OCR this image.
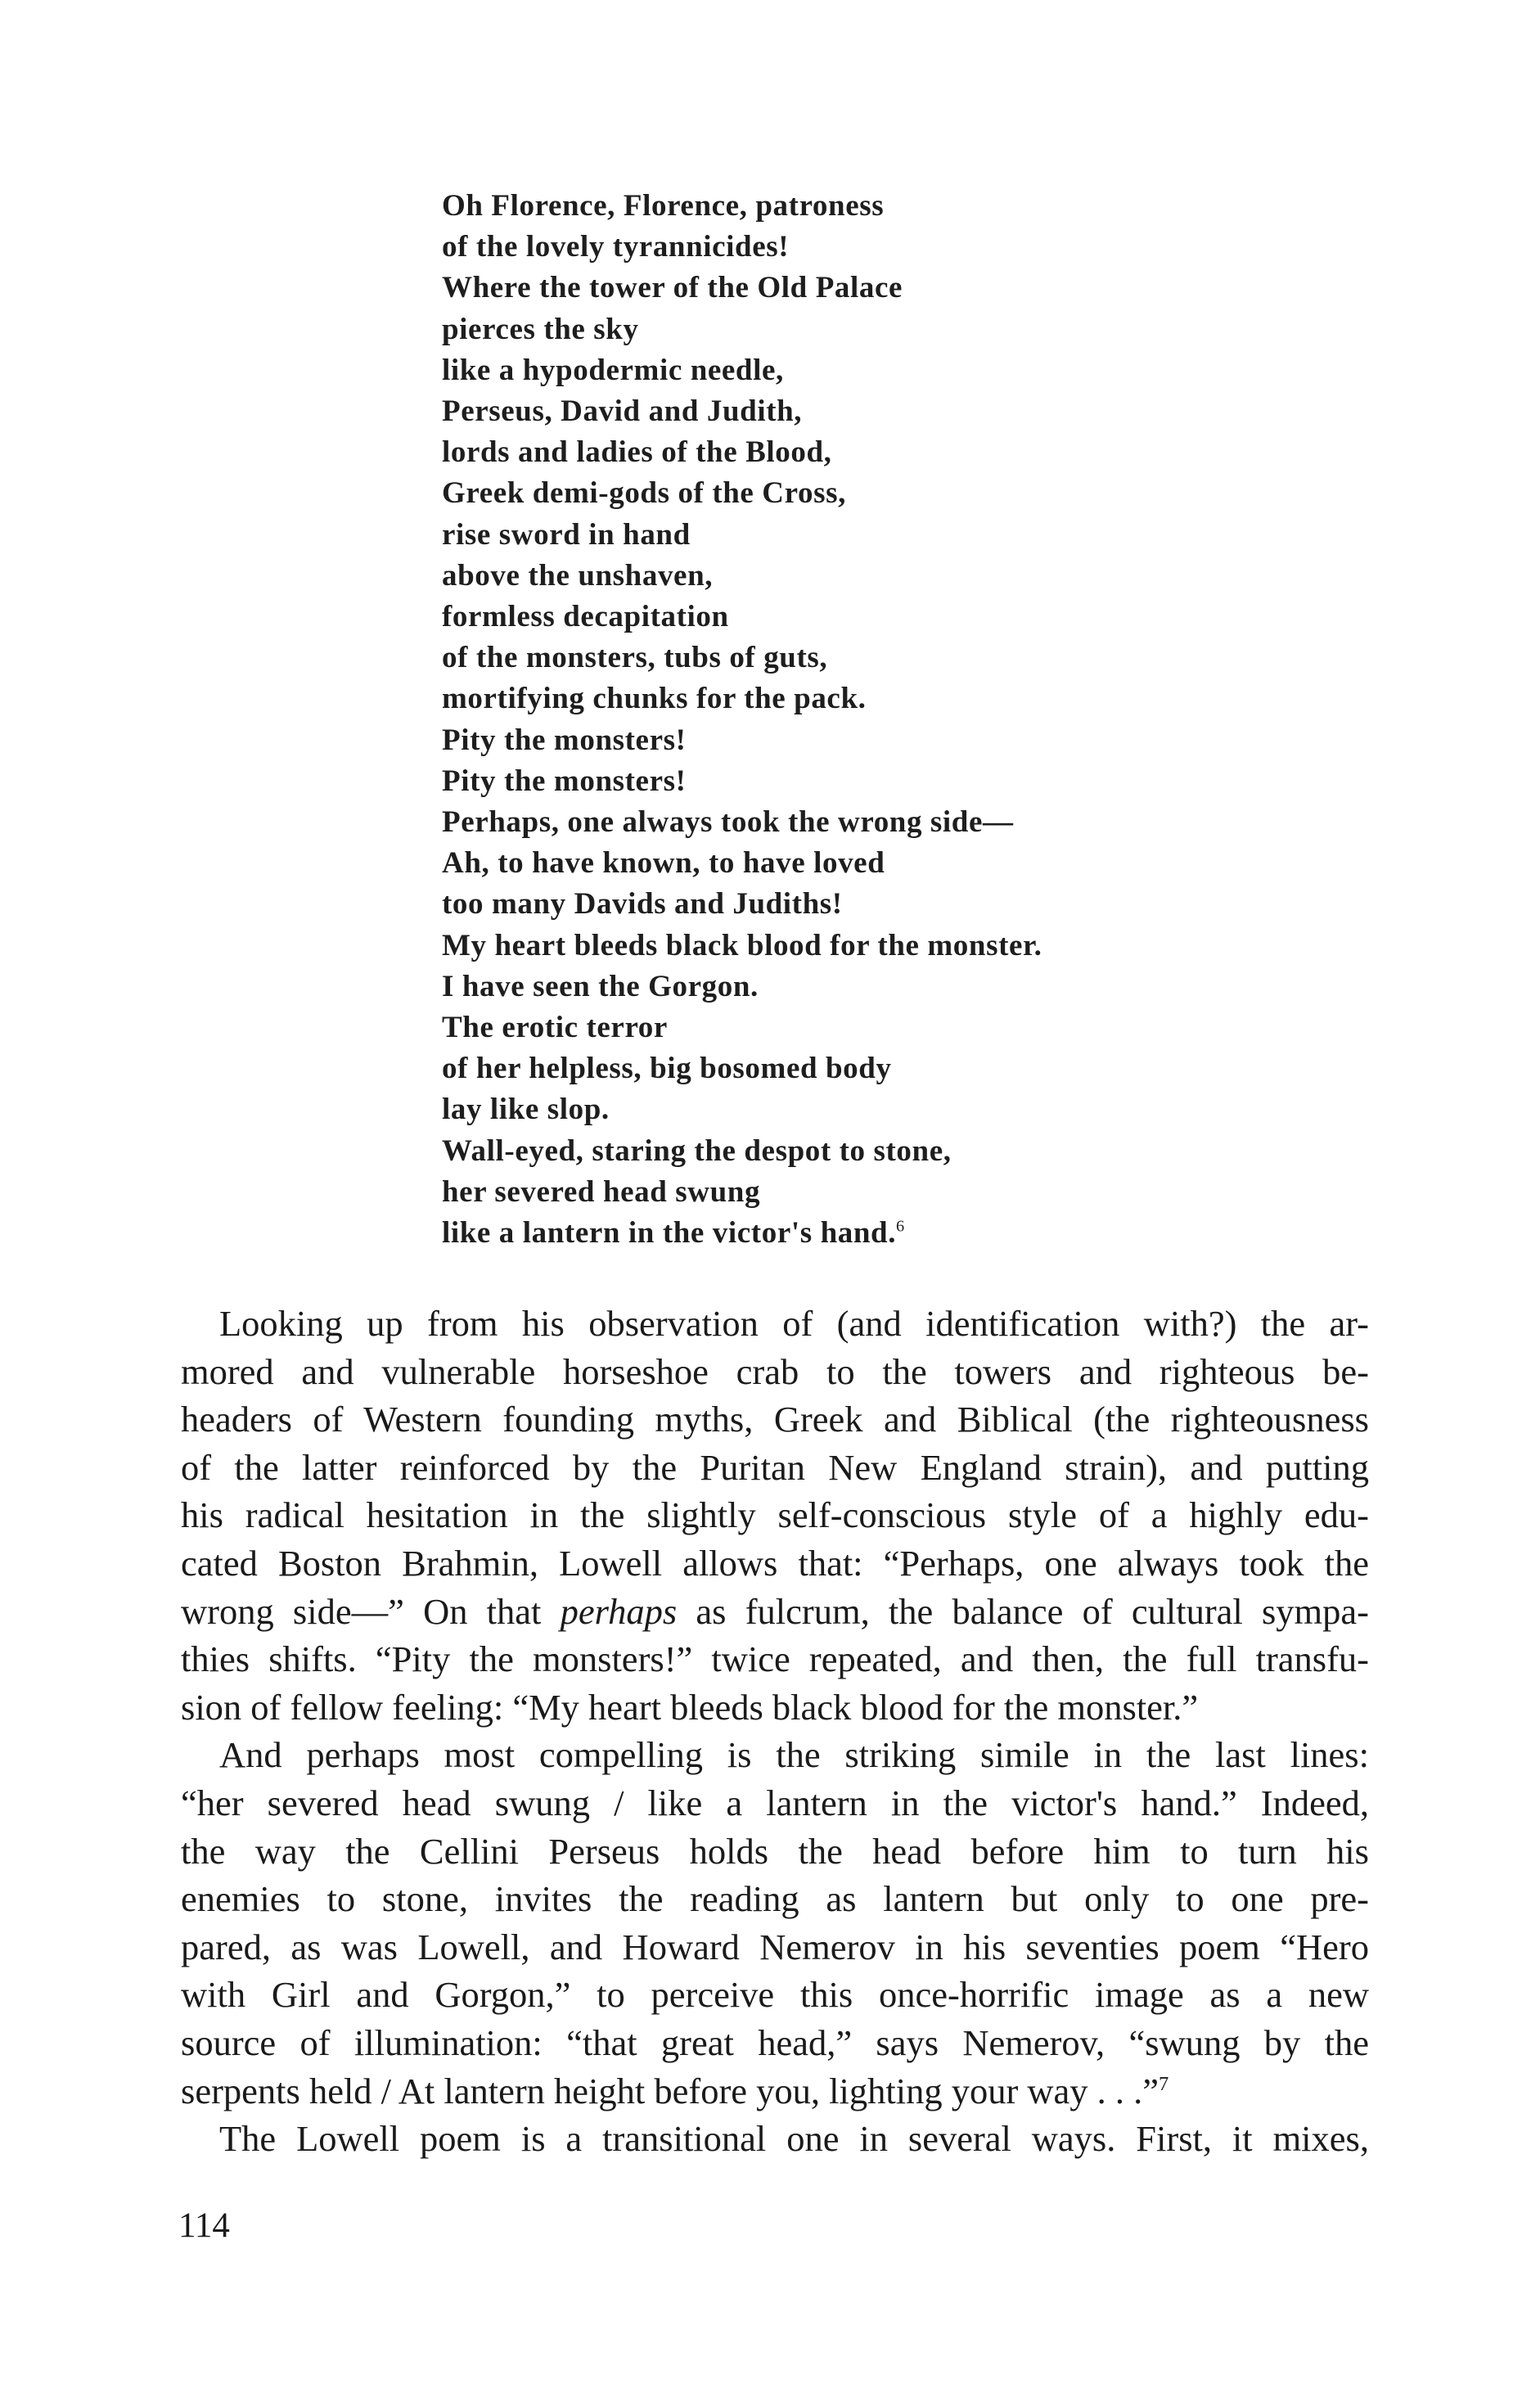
Oh Florence, Florence, patroness
of the lovely tyrannicides!
Where the tower of the Old Palace
pierces the sky
like a hypodermic needle,
Perseus, David and Judith,
lords and ladies of the Blood,
Greek demi-gods of the Cross,
rise sword in hand
above the unshaven,
formless decapitation
of the monsters, tubs of guts,
mortifying chunks for the pack.
Pity the monsters!
Pity the monsters!
Perhaps, one always took the wrong side—
Ah, to have known, to have loved
too many Davids and Judiths!
My heart bleeds black blood for the monster.
I have seen the Gorgon.
The erotic terror
of her helpless, big bosomed body
lay like slop.
Wall-eyed, staring the despot to stone,
her severed head swung
like a lantern in the victor's hand.$^6$
Looking up from his observation of (and identification with?) the ar-
mored and vulnerable horseshoe crab to the towers and righteous be-
headers of Western founding myths, Greek and Biblical (the righteousness
of the latter reinforced by the Puritan New England strain), and putting
his radical hesitation in the slightly self-conscious style of a highly edu-
cated Boston Brahmin, Lowell allows that: “Perhaps, one always took the
wrong side—” On that perhaps as fulcrum, the balance of cultural sympa-
thies shifts. “Pity the monsters!” twice repeated, and then, the full transfu-
sion of fellow feeling: “My heart bleeds black blood for the monster.”
And perhaps most compelling is the striking simile in the last lines:
“her severed head swung / like a lantern in the victor's hand.” Indeed,
the way the Cellini Perseus holds the head before him to turn his
enemies to stone, invites the reading as lantern but only to one pre-
pared, as was Lowell, and Howard Nemerov in his seventies poem “Hero
with Girl and Gorgon,” to perceive this once-horrific image as a new
source of illumination: “that great head,” says Nemerov, “swung by the
serpents held / At lantern height before you, lighting your way . . .”$^7$
The Lowell poem is a transitional one in several ways. First, it mixes,
114
